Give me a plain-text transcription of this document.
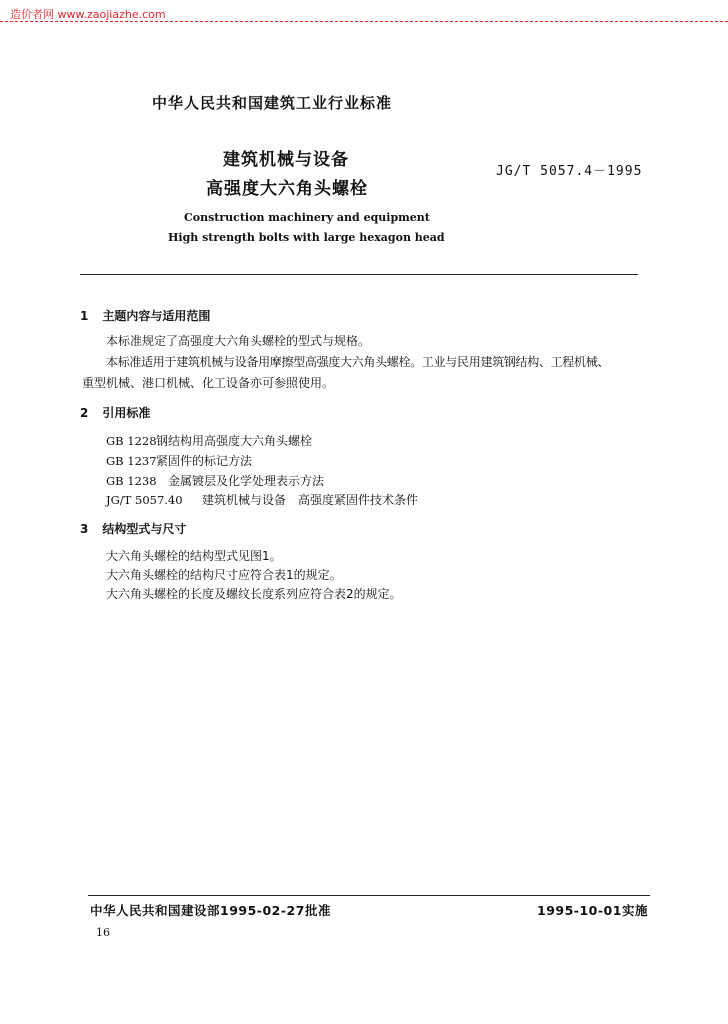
造价者网 www.zaojiazhe.com
中华人民共和国建筑工业行业标准
建筑机械与设备
高强度大六角头螺栓
JG/T 5057.4－1995
Construction machinery and equipment
High strength bolts with large hexagon head
1 主题内容与适用范围
本标准规定了高强度大六角头螺栓的型式与规格。
本标准适用于建筑机械与设备用摩擦型高强度大六角头螺栓。工业与民用建筑钢结构、工程机械、
重型机械、港口机械、化工设备亦可参照使用。
2 引用标准
GB 1228钢结构用高强度大六角头螺栓
GB 1237紧固件的标记方法
GB 1238 金属镀层及化学处理表示方法
JG/T 5057.40 建筑机械与设备　高强度紧固件技术条件
3 结构型式与尺寸
大六角头螺栓的结构型式见图1。
大六角头螺栓的结构尺寸应符合表1的规定。
大六角头螺栓的长度及螺纹长度系列应符合表2的规定。
中华人民共和国建设部1995-02-27批准	1995-10-01实施
16
